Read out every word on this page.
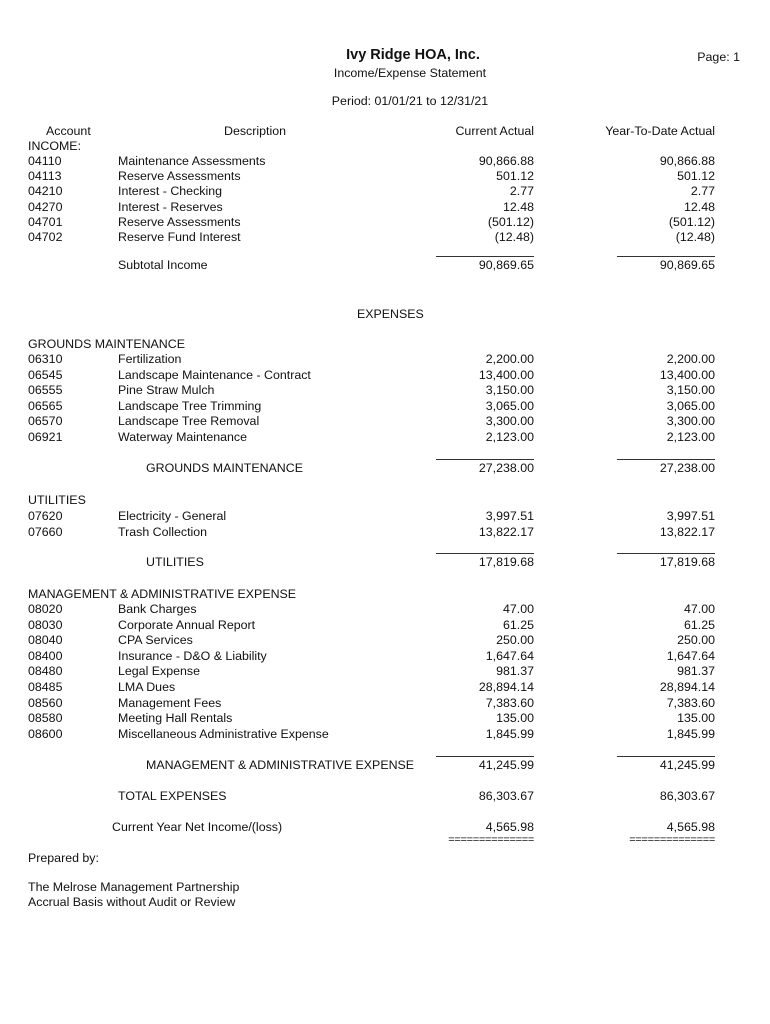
Ivy Ridge HOA, Inc.	Page: 1
Income/Expense Statement
Period: 01/01/21 to 12/31/21
Account	Description	Current Actual	Year-To-Date Actual
INCOME:
04110	Maintenance Assessments	90,866.88	90,866.88
04113	Reserve Assessments	501.12	501.12
04210	Interest - Checking	2.77	2.77
04270	Interest - Reserves	12.48	12.48
04701	Reserve Assessments	(501.12)	(501.12)
04702	Reserve Fund Interest	(12.48)	(12.48)
Subtotal Income	90,869.65	90,869.65
EXPENSES
GROUNDS MAINTENANCE
06310	Fertilization	2,200.00	2,200.00
06545	Landscape Maintenance - Contract	13,400.00	13,400.00
06555	Pine Straw Mulch	3,150.00	3,150.00
06565	Landscape Tree Trimming	3,065.00	3,065.00
06570	Landscape Tree Removal	3,300.00	3,300.00
06921	Waterway Maintenance	2,123.00	2,123.00
GROUNDS MAINTENANCE	27,238.00	27,238.00
UTILITIES
07620	Electricity - General	3,997.51	3,997.51
07660	Trash Collection	13,822.17	13,822.17
UTILITIES	17,819.68	17,819.68
MANAGEMENT & ADMINISTRATIVE EXPENSE
08020	Bank Charges	47.00	47.00
08030	Corporate Annual Report	61.25	61.25
08040	CPA Services	250.00	250.00
08400	Insurance - D&O & Liability	1,647.64	1,647.64
08480	Legal Expense	981.37	981.37
08485	LMA Dues	28,894.14	28,894.14
08560	Management Fees	7,383.60	7,383.60
08580	Meeting Hall Rentals	135.00	135.00
08600	Miscellaneous Administrative Expense	1,845.99	1,845.99
MANAGEMENT & ADMINISTRATIVE EXPENSE	41,245.99	41,245.99
TOTAL EXPENSES	86,303.67	86,303.67
Current Year Net Income/(loss)	4,565.98	4,565.98
==============	==============
Prepared by:
The Melrose Management Partnership
Accrual Basis without Audit or Review
